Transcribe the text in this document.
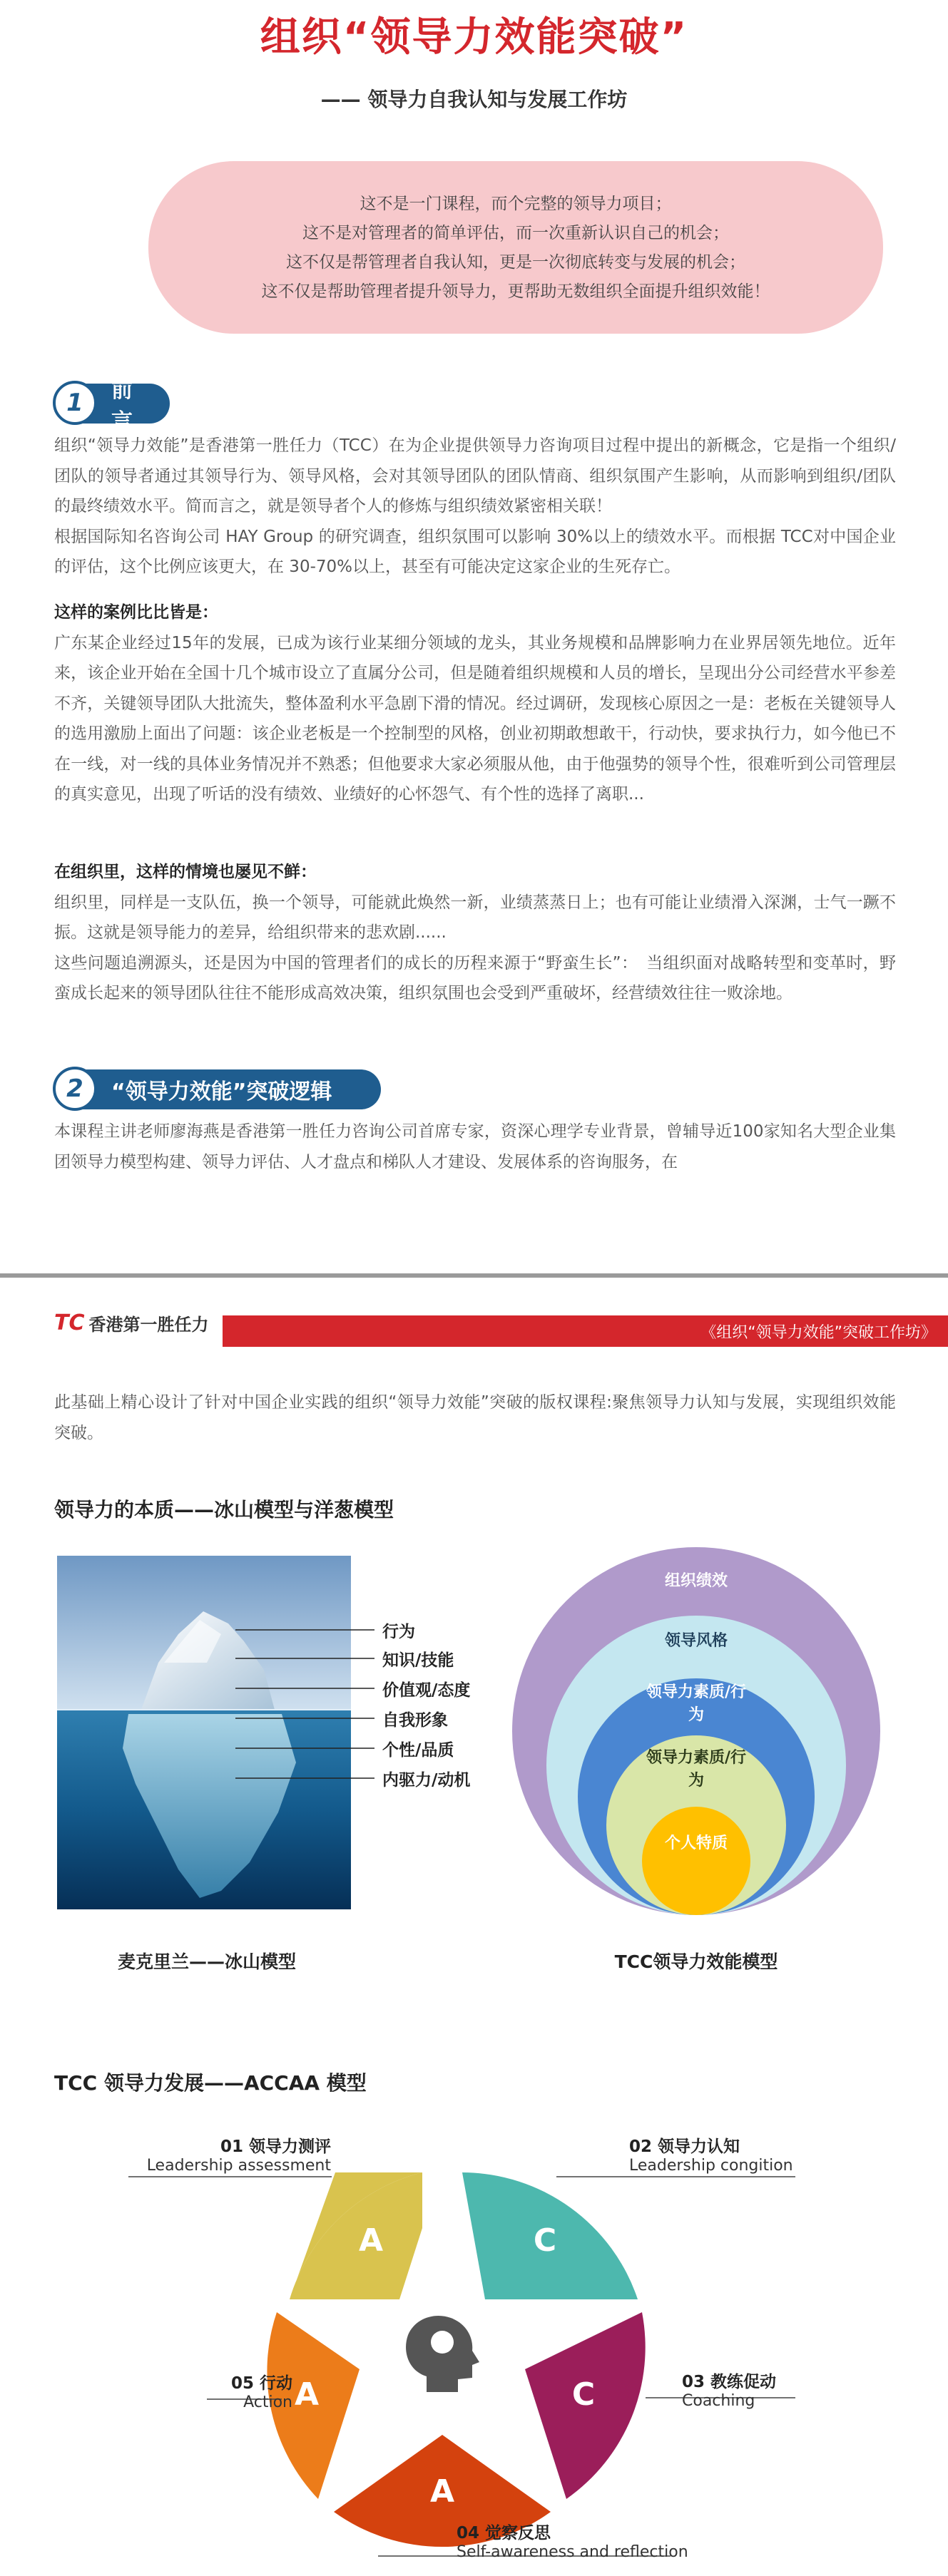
组织“领导力效能突破”
—— 领导力自我认知与发展工作坊

这不是一门课程，而个完整的领导力项目；

这不是对管理者的简单评估，而一次重新认识自己的机会；

这不仅是帮管理者自我认知，更是一次彻底转变与发展的机会；

这不仅是帮助管理者提升领导力，更帮助无数组织全面提升组织效能！

1	前言

组织“领导力效能”是香港第一胜任力（TCC）在为企业提供领导力咨询项目过程中提出的新概念，它是指一个组织/团队的领导者通过其领导行为、领导风格，会对其领导团队的团队情商、组织氛围产生影响，从而影响到组织/团队的最终绩效水平。简而言之，就是领导者个人的修炼与组织绩效紧密相关联！

根据国际知名咨询公司 HAY Group 的研究调查，组织氛围可以影响 30%以上的绩效水平。而根据 TCC对中国企业的评估，这个比例应该更大，在 30-70%以上，甚至有可能决定这家企业的生死存亡。

这样的案例比比皆是：

广东某企业经过15年的发展，已成为该行业某细分领域的龙头，其业务规模和品牌影响力在业界居领先地位。近年来，该企业开始在全国十几个城市设立了直属分公司，但是随着组织规模和人员的增长，呈现出分公司经营水平参差不齐，关键领导团队大批流失，整体盈利水平急剧下滑的情况。经过调研，发现核心原因之一是：老板在关键领导人的选用激励上面出了问题：该企业老板是一个控制型的风格，创业初期敢想敢干，行动快，要求执行力，如今他已不在一线，对一线的具体业务情况并不熟悉；但他要求大家必须服从他，由于他强势的领导个性，很难听到公司管理层的真实意见，出现了听话的没有绩效、业绩好的心怀怨气、有个性的选择了离职...

在组织里，这样的情境也屡见不鲜：

组织里，同样是一支队伍，换一个领导，可能就此焕然一新，业绩蒸蒸日上；也有可能让业绩滑入深渊，士气一蹶不振。这就是领导能力的差异，给组织带来的悲欢剧......

这些问题追溯源头，还是因为中国的管理者们的成长的历程来源于“野蛮生长”：　当组织面对战略转型和变革时，野蛮成长起来的领导团队往往不能形成高效决策，组织氛围也会受到严重破坏，经营绩效往往一败涂地。

2	“领导力效能”突破逻辑

本课程主讲老师廖海燕是香港第一胜任力咨询公司首席专家，资深心理学专业背景，曾辅导近100家知名大型企业集团领导力模型构建、领导力评估、人才盘点和梯队人才建设、发展体系的咨询服务，在

TC 香港第一胜任力	《组织“领导力效能”突破工作坊》

此基础上精心设计了针对中国企业实践的组织“领导力效能”突破的版权课程:聚焦领导力认知与发展，实现组织效能突破。

领导力的本质——冰山模型与洋葱模型
行为
知识/技能
价值观/态度
自我形象
个性/品质
内驱力/动机
麦克里兰——冰山模型
组织绩效
领导风格
领导力素质/行为
领导力素质/行为
个人特质
TCC领导力效能模型
TCC 领导力发展——ACCAA 模型
A	C
C
A
A
01 领导力测评
Leadership assessment
02 领导力认知
Leadership congition
03 教练促动
Coaching
05 行动
Action
04 觉察反思
Self-awareness and reflection
